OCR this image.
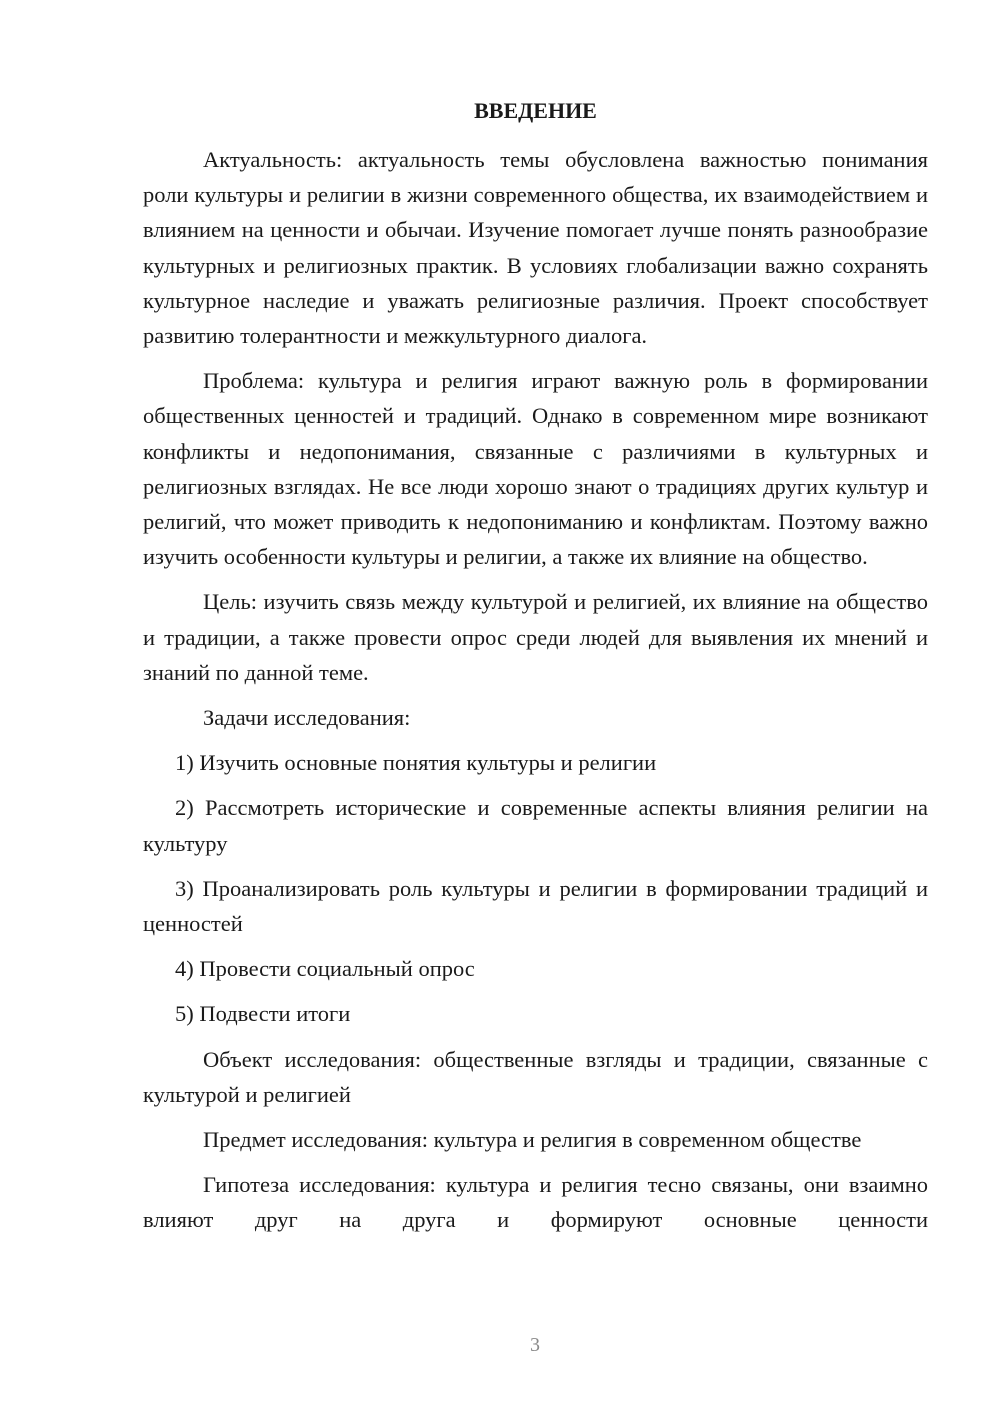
ВВЕДЕНИЕ

Актуальность: актуальность темы обусловлена важностью понимания роли культуры и религии в жизни современного общества, их взаимодействием и влиянием на ценности и обычаи. Изучение помогает лучше понять разнообразие культурных и религиозных практик. В условиях глобализации важно сохранять культурное наследие и уважать религиозные различия. Проект способствует развитию толерантности и межкультурного диалога.

Проблема: культура и религия играют важную роль в формировании общественных ценностей и традиций. Однако в современном мире возникают конфликты и недопонимания, связанные с различиями в культурных и религиозных взглядах. Не все люди хорошо знают о традициях других культур и религий, что может приводить к недопониманию и конфликтам. Поэтому важно изучить особенности культуры и религии, а также их влияние на общество.

Цель: изучить связь между культурой и религией, их влияние на общество и традиции, а также провести опрос среди людей для выявления их мнений и знаний по данной теме.

Задачи исследования:

1) Изучить основные понятия культуры и религии

2) Рассмотреть исторические и современные аспекты влияния религии на культуру

3) Проанализировать роль культуры и религии в формировании традиций и ценностей

4) Провести социальный опрос

5) Подвести итоги

Объект исследования: общественные взгляды и традиции, связанные с культурой и религией

Предмет исследования: культура и религия в современном обществе

Гипотеза исследования: культура и религия тесно связаны, они взаимно влияют друг на друга и формируют основные ценности

3
